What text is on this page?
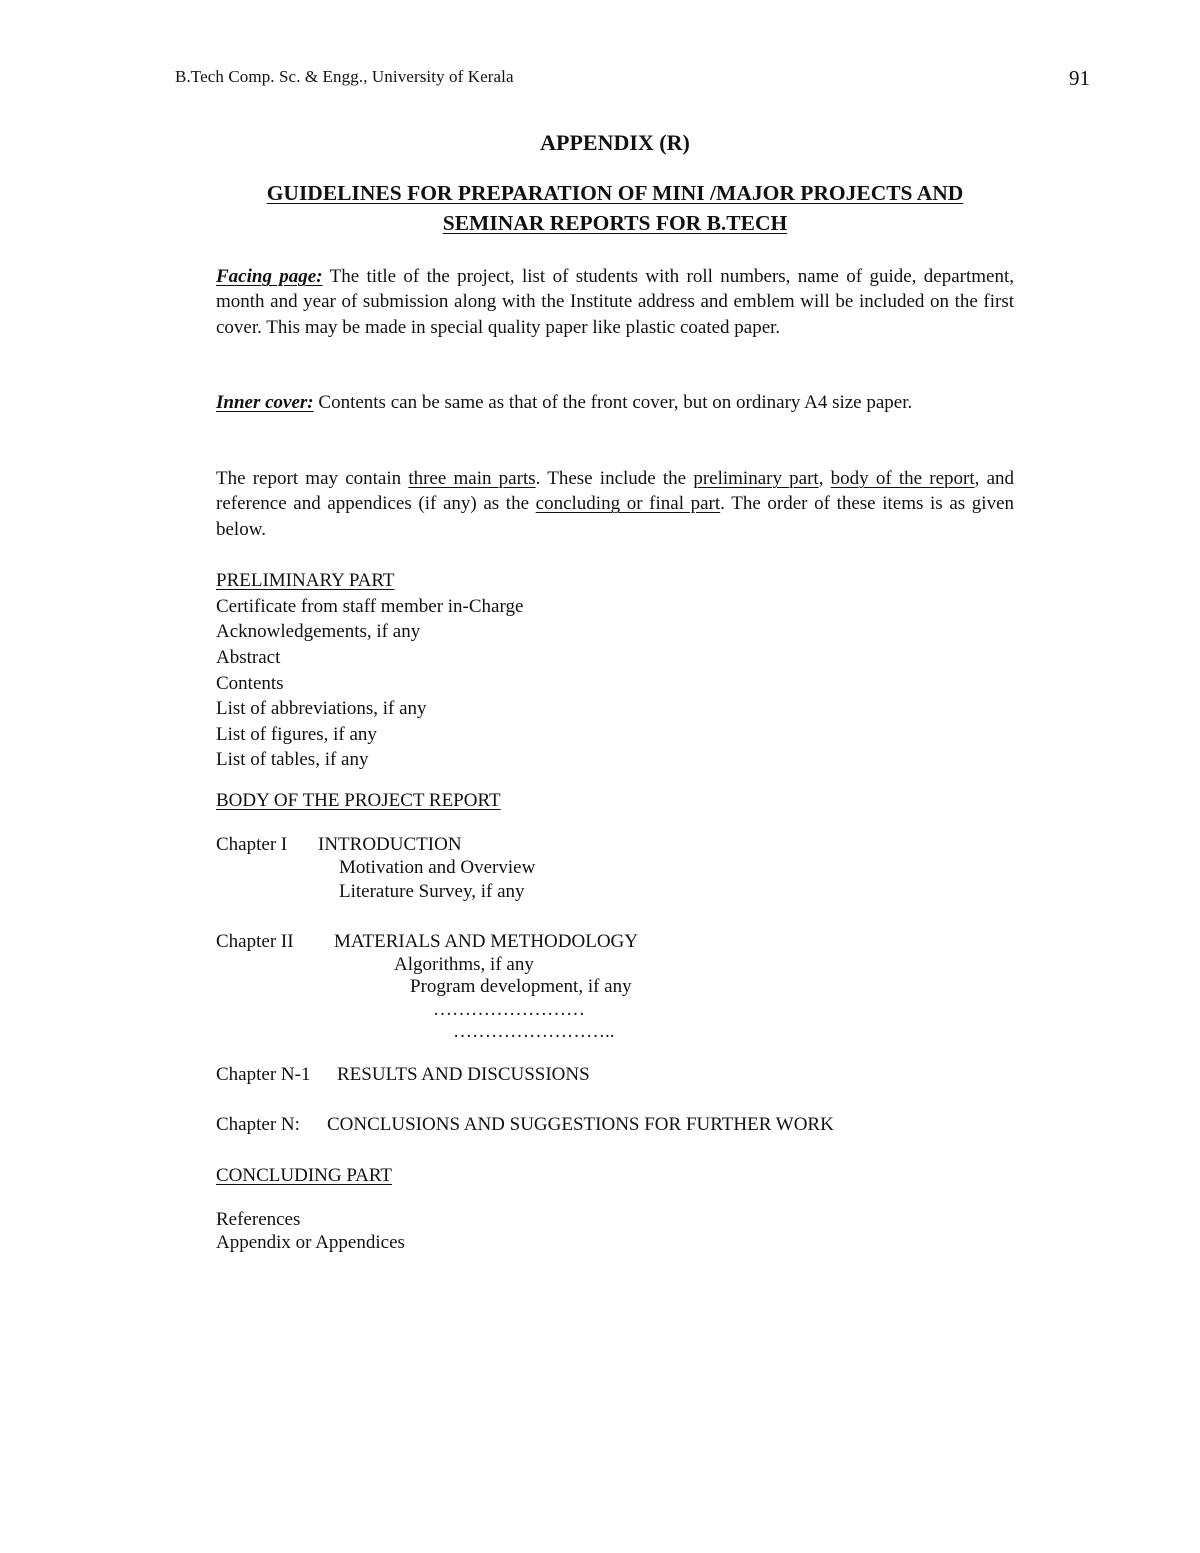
B.Tech Comp. Sc. & Engg., University of Kerala	91
APPENDIX (R)
GUIDELINES FOR PREPARATION OF MINI /MAJOR PROJECTS AND SEMINAR REPORTS FOR B.TECH
Facing page: The title of the project, list of students with roll numbers, name of guide, department, month and year of submission along with the Institute address and emblem will be included on the first cover. This may be made in special quality paper like plastic coated paper.
Inner cover: Contents can be same as that of the front cover, but on ordinary A4 size paper.
The report may contain three main parts. These include the preliminary part, body of the report, and reference and appendices (if any) as the concluding or final part. The order of these items is as given below.
PRELIMINARY PART
Certificate from staff member in-Charge
Acknowledgements, if any
Abstract
Contents
List of abbreviations, if any
List of figures, if any
List of tables, if any
BODY OF THE PROJECT REPORT
Chapter I INTRODUCTION
Motivation and Overview
Literature Survey, if any
Chapter II MATERIALS AND METHODOLOGY
Algorithms, if any
Program development, if any
……………………
……………………..
Chapter N-1 RESULTS AND DISCUSSIONS
Chapter N: CONCLUSIONS AND SUGGESTIONS FOR FURTHER WORK
CONCLUDING PART
References
Appendix or Appendices
